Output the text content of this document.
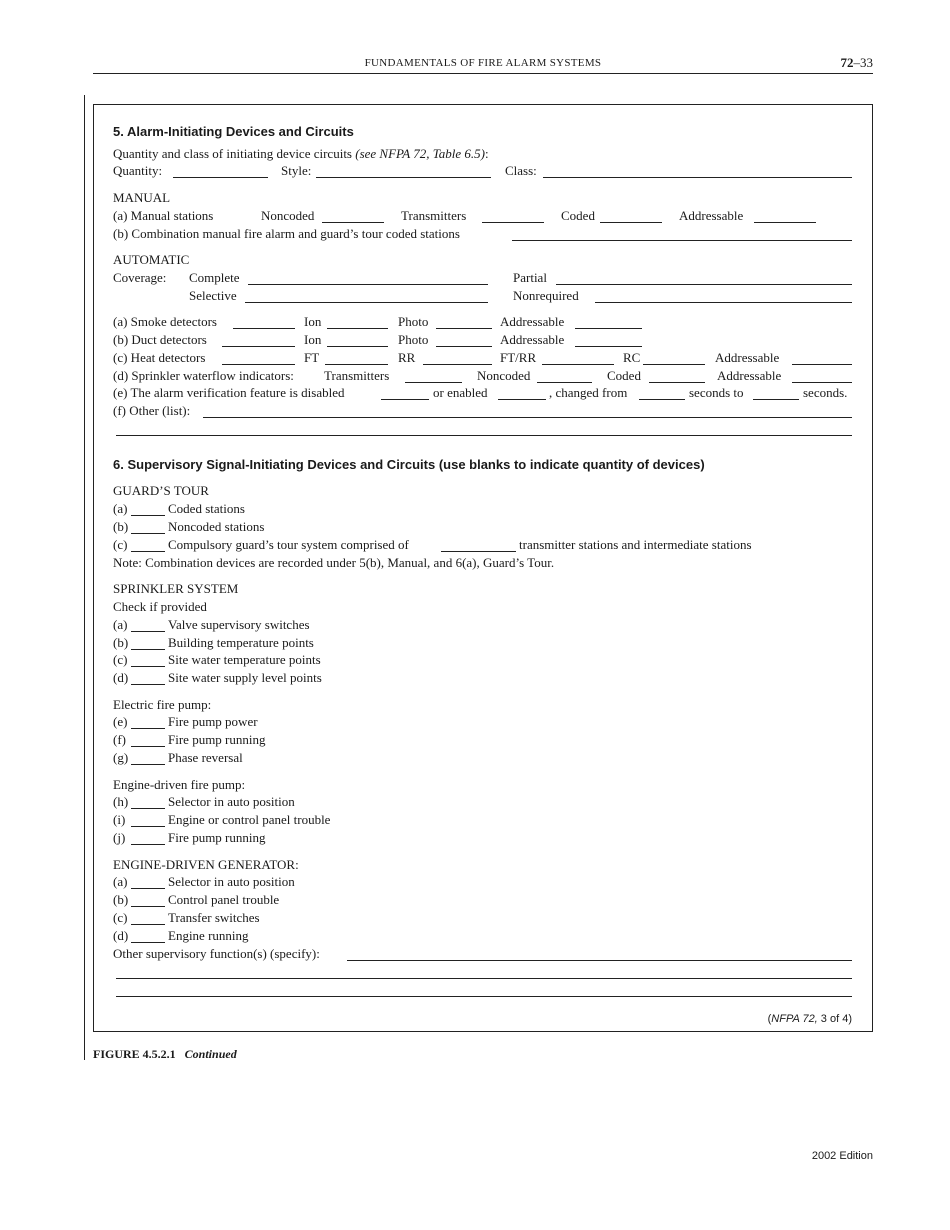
FUNDAMENTALS OF FIRE ALARM SYSTEMS	72–33
5. Alarm-Initiating Devices and Circuits
Quantity and class of initiating device circuits (see NFPA 72, Table 6.5):
Quantity:	Style:	Class:
MANUAL
(a) Manual stations	Noncoded	Transmitters	Coded	Addressable
(b) Combination manual fire alarm and guard’s tour coded stations
AUTOMATIC
Coverage: Complete	Partial
Selective	Nonrequired
(a) Smoke detectors	Ion	Photo	Addressable
(b) Duct detectors	Ion	Photo	Addressable
(c) Heat detectors	FT	RR	FT/RR	RC	Addressable
(d) Sprinkler waterflow indicators: Transmitters	Noncoded	Coded	Addressable
(e) The alarm verification feature is disabled	or enabled	, changed from	seconds to	seconds.
(f) Other (list):
6. Supervisory Signal-Initiating Devices and Circuits (use blanks to indicate quantity of devices)
GUARD’S TOUR
(a)	Coded stations
(b)	Noncoded stations
(c)	Compulsory guard’s tour system comprised of	transmitter stations and intermediate stations
Note: Combination devices are recorded under 5(b), Manual, and 6(a), Guard’s Tour.
SPRINKLER SYSTEM
Check if provided
(a)	Valve supervisory switches
(b)	Building temperature points
(c)	Site water temperature points
(d)	Site water supply level points
Electric fire pump:
(e)	Fire pump power
(f)	Fire pump running
(g)	Phase reversal
Engine-driven fire pump:
(h)	Selector in auto position
(i)	Engine or control panel trouble
(j)	Fire pump running
ENGINE-DRIVEN GENERATOR:
(a)	Selector in auto position
(b)	Control panel trouble
(c)	Transfer switches
(d)	Engine running
Other supervisory function(s) (specify):
(NFPA 72, 3 of 4)
FIGURE 4.5.2.1 Continued
2002 Edition
